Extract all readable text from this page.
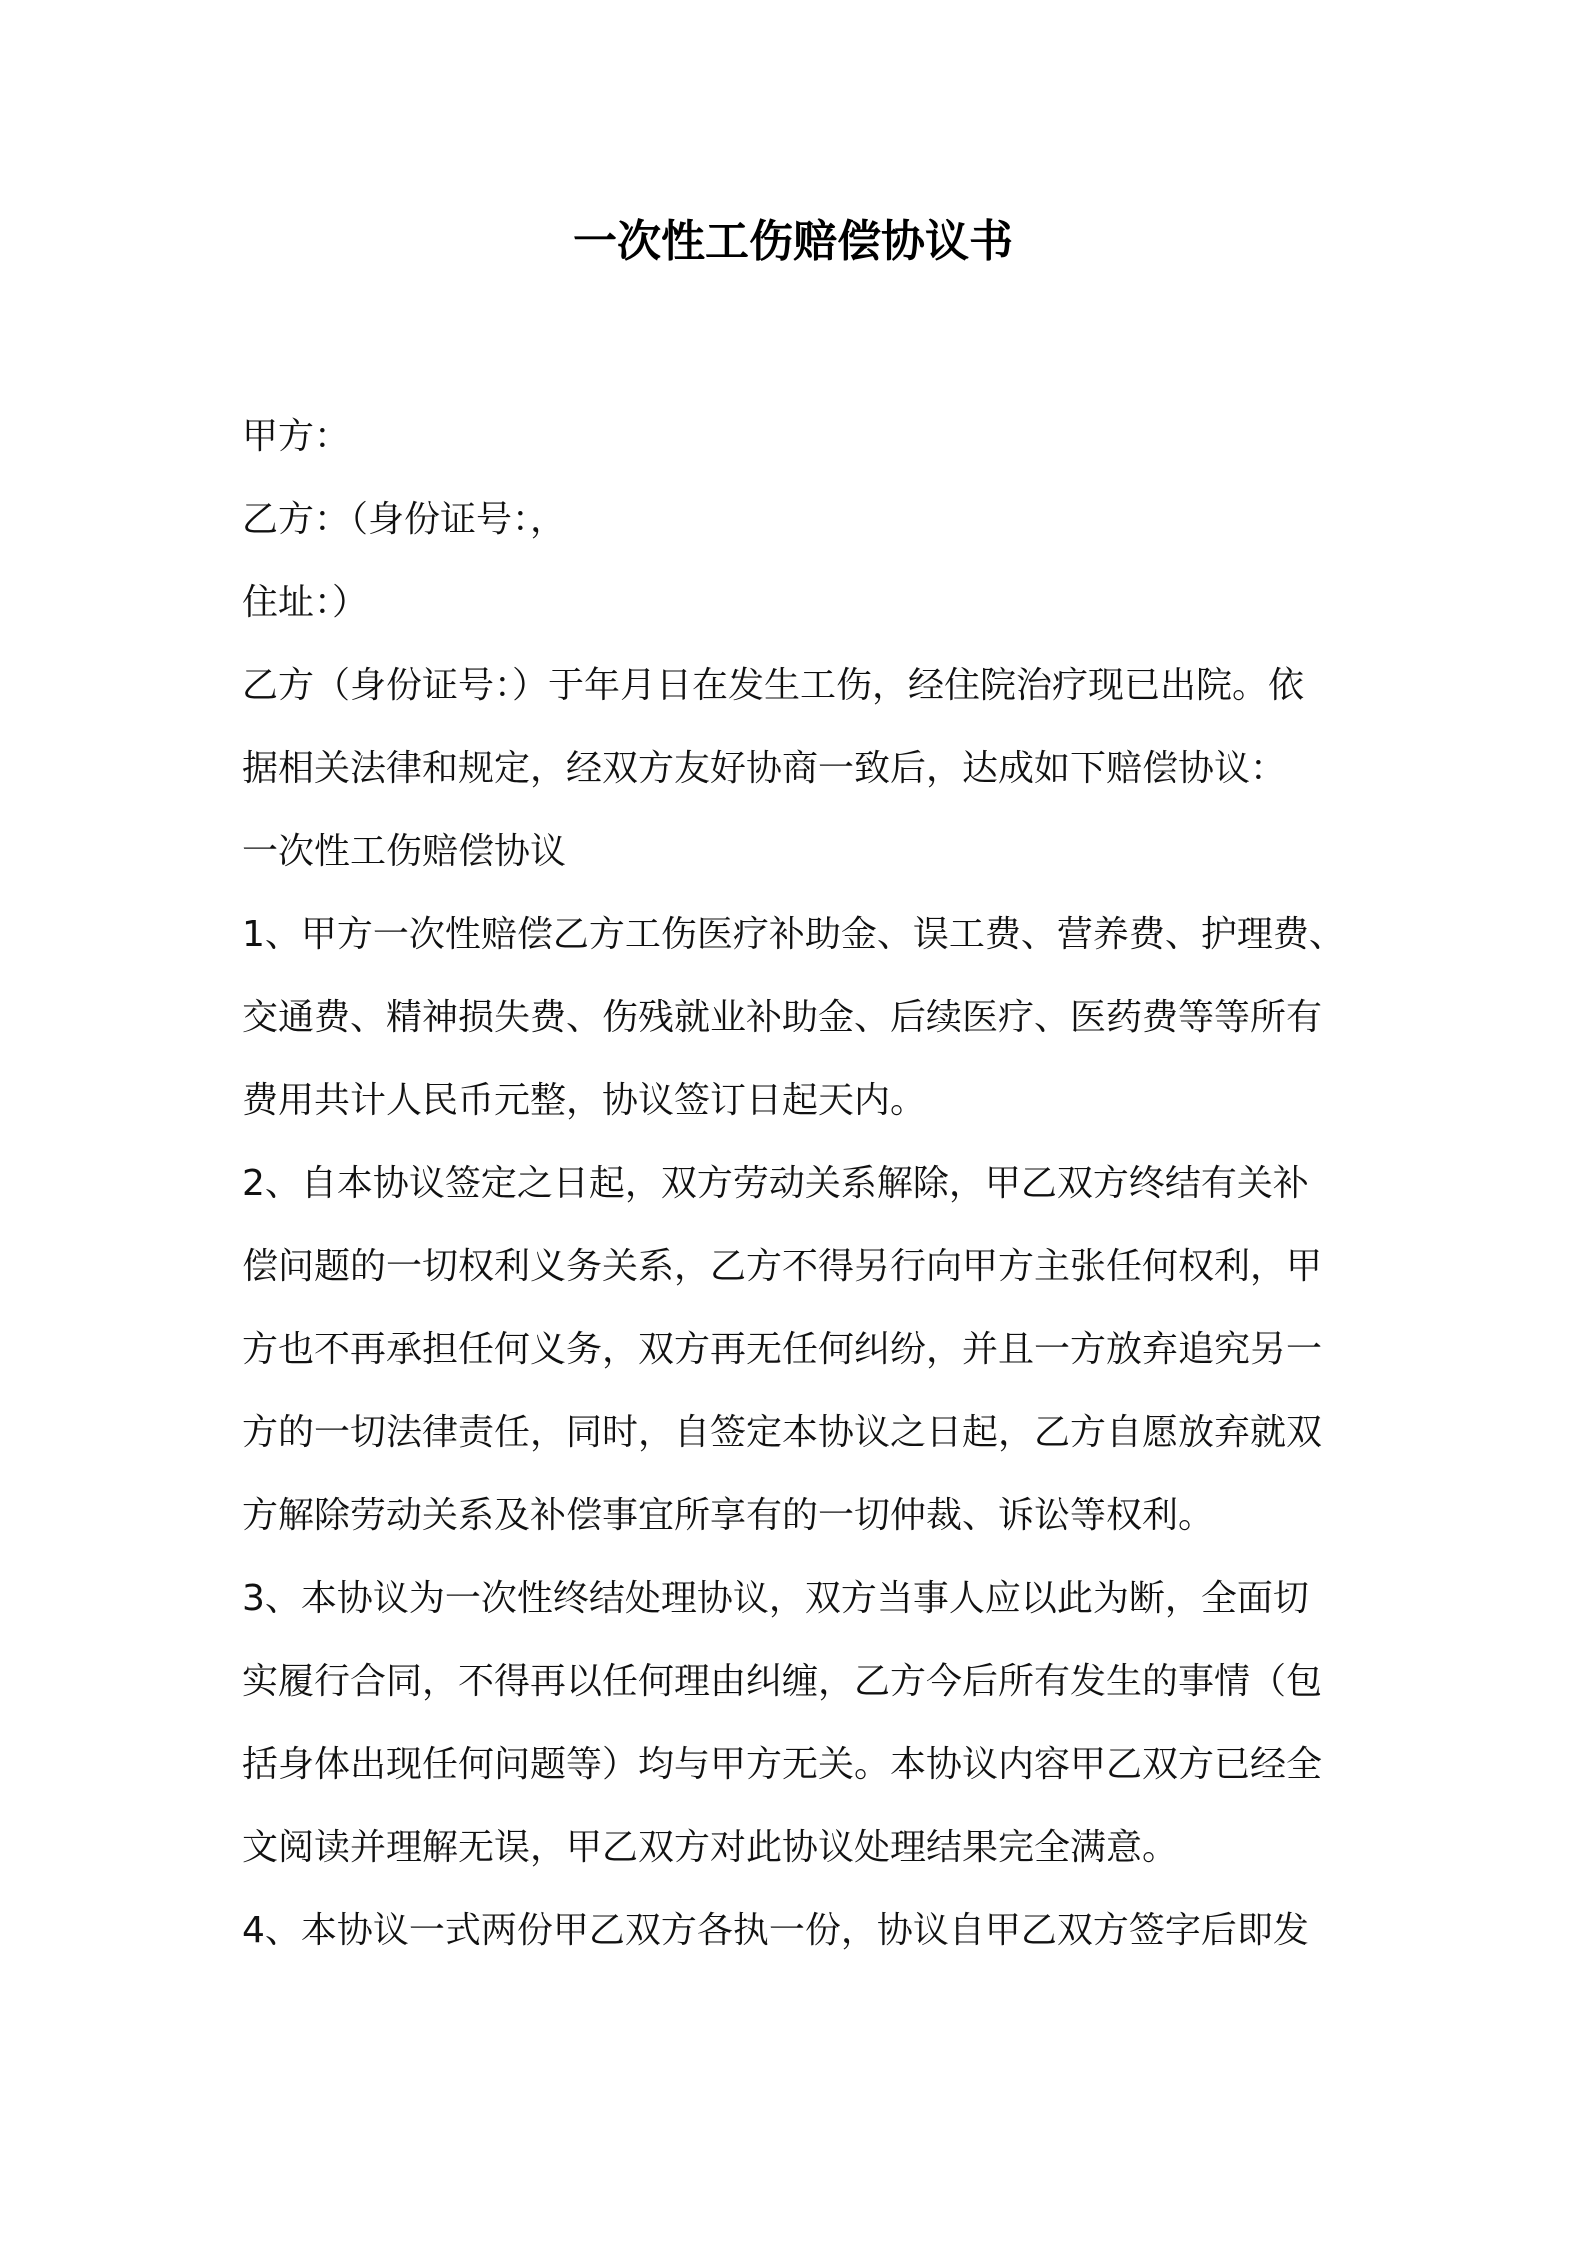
一次性工伤赔偿协议书
甲方：
乙方：（身份证号：，
住址：）
乙方（身份证号：）于年月日在发生工伤，经住院治疗现已出院。依
据相关法律和规定，经双方友好协商一致后，达成如下赔偿协议：
一次性工伤赔偿协议
1、甲方一次性赔偿乙方工伤医疗补助金、误工费、营养费、护理费、
交通费、精神损失费、伤残就业补助金、后续医疗、医药费等等所有
费用共计人民币元整，协议签订日起天内。
2、自本协议签定之日起，双方劳动关系解除，甲乙双方终结有关补
偿问题的一切权利义务关系，乙方不得另行向甲方主张任何权利，甲
方也不再承担任何义务，双方再无任何纠纷，并且一方放弃追究另一
方的一切法律责任，同时，自签定本协议之日起，乙方自愿放弃就双
方解除劳动关系及补偿事宜所享有的一切仲裁、诉讼等权利。
3、本协议为一次性终结处理协议，双方当事人应以此为断，全面切
实履行合同，不得再以任何理由纠缠，乙方今后所有发生的事情（包
括身体出现任何问题等）均与甲方无关。本协议内容甲乙双方已经全
文阅读并理解无误，甲乙双方对此协议处理结果完全满意。
4、本协议一式两份甲乙双方各执一份，协议自甲乙双方签字后即发
